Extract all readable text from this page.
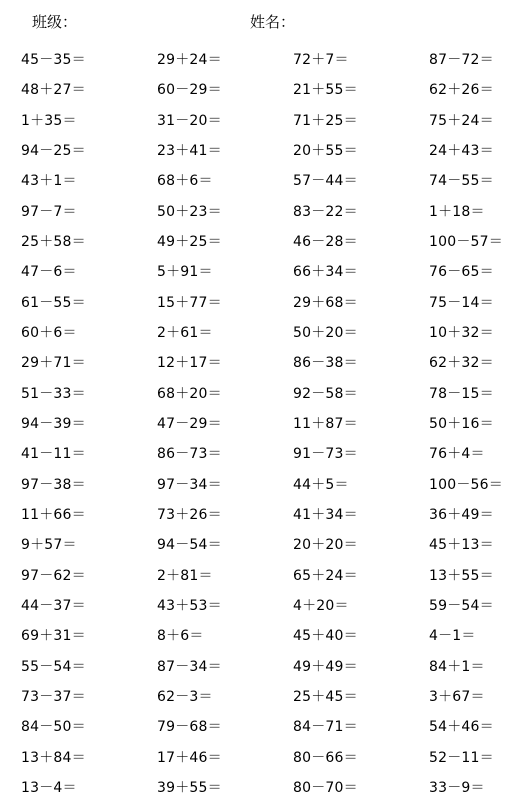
班级：	姓名：
45－35＝	29＋24＝	72＋7＝	87－72＝
48＋27＝	60－29＝	21＋55＝	62＋26＝
1＋35＝	31－20＝	71＋25＝	75＋24＝
94－25＝	23＋41＝	20＋55＝	24＋43＝
43＋1＝	68＋6＝	57－44＝	74－55＝
97－7＝	50＋23＝	83－22＝	1＋18＝
25＋58＝	49＋25＝	46－28＝	100－57＝
47－6＝	5＋91＝	66＋34＝	76－65＝
61－55＝	15＋77＝	29＋68＝	75－14＝
60＋6＝	2＋61＝	50＋20＝	10＋32＝
29＋71＝	12＋17＝	86－38＝	62＋32＝
51－33＝	68＋20＝	92－58＝	78－15＝
94－39＝	47－29＝	11＋87＝	50＋16＝
41－11＝	86－73＝	91－73＝	76＋4＝
97－38＝	97－34＝	44＋5＝	100－56＝
11＋66＝	73＋26＝	41＋34＝	36＋49＝
9＋57＝	94－54＝	20＋20＝	45＋13＝
97－62＝	2＋81＝	65＋24＝	13＋55＝
44－37＝	43＋53＝	4＋20＝	59－54＝
69＋31＝	8＋6＝	45＋40＝	4－1＝
55－54＝	87－34＝	49＋49＝	84＋1＝
73－37＝	62－3＝	25＋45＝	3＋67＝
84－50＝	79－68＝	84－71＝	54＋46＝
13＋84＝	17＋46＝	80－66＝	52－11＝
13－4＝	39＋55＝	80－70＝	33－9＝
